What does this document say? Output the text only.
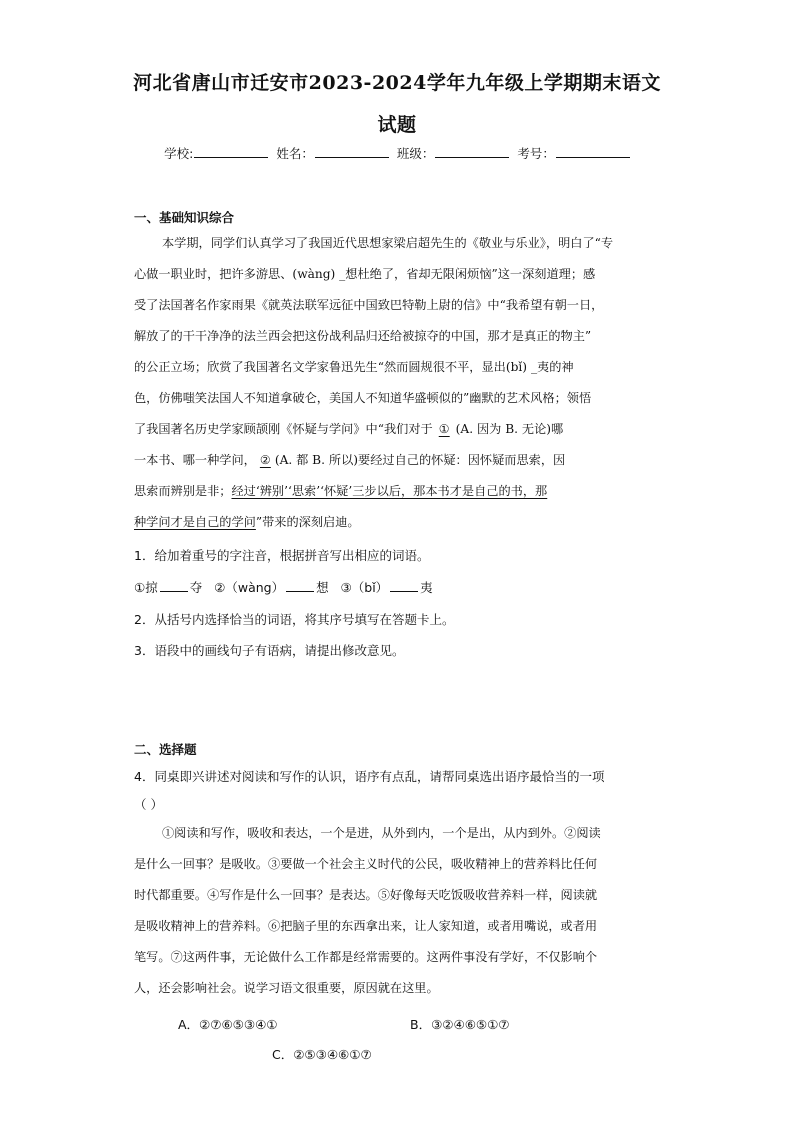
河北省唐山市迁安市2023-2024学年九年级上学期期末语文
试题
学校:	姓名：	班级：	考号：
一、基础知识综合
本学期，同学们认真学习了我国近代思想家梁启超先生的《敬业与乐业》，明白了“专
心做一职业时，把许多游思、(wàng) _想杜绝了，省却无限闲烦恼”这一深刻道理；感
受了法国著名作家雨果《就英法联军远征中国致巴特勒上尉的信》中“我希望有朝一日，
解放了的干干净净的法兰西会把这份战利品归还给被掠夺的中国，那才是真正的物主”
的公正立场；欣赏了我国著名文学家鲁迅先生“然而圆规很不平，显出(bǐ) _夷的神
色，仿佛嗤笑法国人不知道拿破仑，美国人不知道华盛顿似的”幽默的艺术风格；领悟
了我国著名历史学家顾颉刚《怀疑与学问》中“我们对于 ① (A. 因为 B. 无论)哪
一本书、哪一种学问， ② (A. 都 B. 所以)要经过自己的怀疑：因怀疑而思索，因
思索而辨别是非；经过‘辨别’‘思索’‘怀疑’三步以后，那本书才是自己的书，那
种学问才是自己的学问”带来的深刻启迪。
1．给加着重号的字注音，根据拼音写出相应的词语。
①掠	夺 ②（wàng）	想 ③（bǐ）	夷
2．从括号内选择恰当的词语，将其序号填写在答题卡上。
3．语段中的画线句子有语病，请提出修改意见。
二、选择题
4．同桌即兴讲述对阅读和写作的认识，语序有点乱，请帮同桌选出语序最恰当的一项
（ ）
①阅读和写作，吸收和表达，一个是进，从外到内，一个是出，从内到外。②阅读
是什么一回事？是吸收。③要做一个社会主义时代的公民，吸收精神上的营养料比任何
时代都重要。④写作是什么一回事？是表达。⑤好像每天吃饭吸收营养料一样，阅读就
是吸收精神上的营养料。⑥把脑子里的东西拿出来，让人家知道，或者用嘴说，或者用
笔写。⑦这两件事，无论做什么工作都是经常需要的。这两件事没有学好，不仅影响个
人，还会影响社会。说学习语文很重要，原因就在这里。
A．②⑦⑥⑤③④①	B．③②④⑥⑤①⑦
C．②⑤③④⑥①⑦
